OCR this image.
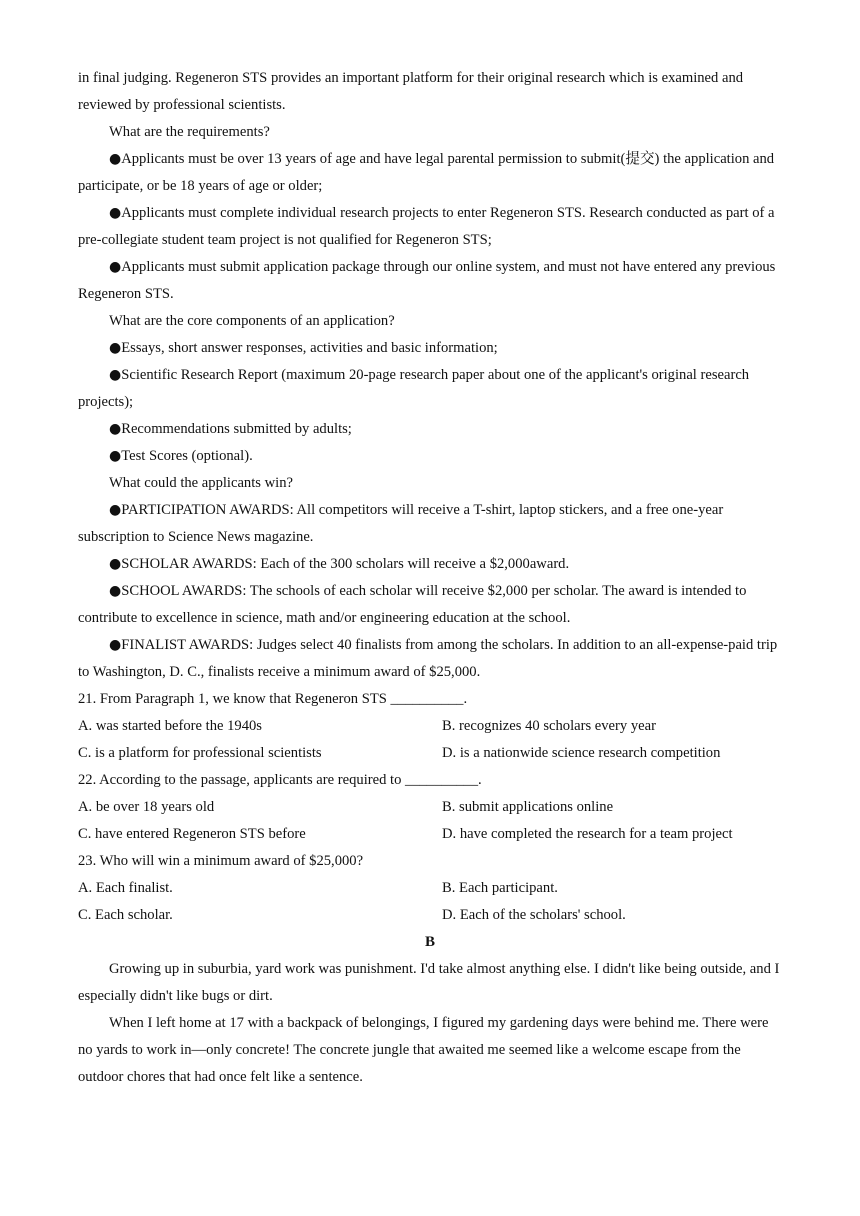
in final judging. Regeneron STS provides an important platform for their original research which is examined and reviewed by professional scientists.

What are the requirements?

● Applicants must be over 13 years of age and have legal parental permission to submit(提交) the application and participate, or be 18 years of age or older;

● Applicants must complete individual research projects to enter Regeneron STS. Research conducted as part of a pre-collegiate student team project is not qualified for Regeneron STS;

● Applicants must submit application package through our online system, and must not have entered any previous Regeneron STS.

What are the core components of an application?

● Essays, short answer responses, activities and basic information;

● Scientific Research Report (maximum 20-page research paper about one of the applicant's original research projects);

● Recommendations submitted by adults;

● Test Scores (optional).

What could the applicants win?

● PARTICIPATION AWARDS: All competitors will receive a T-shirt, laptop stickers, and a free one-year subscription to Science News magazine.

● SCHOLAR AWARDS: Each of the 300 scholars will receive a $2,000award.

● SCHOOL AWARDS: The schools of each scholar will receive $2,000 per scholar. The award is intended to contribute to excellence in science, math and/or engineering education at the school.

● FINALIST AWARDS: Judges select 40 finalists from among the scholars. In addition to an all-expense-paid trip to Washington, D. C., finalists receive a minimum award of $25,000.

21. From Paragraph 1, we know that Regeneron STS __________.

A. was started before the 1940s	B. recognizes 40 scholars every year
C. is a platform for professional scientists	D. is a nationwide science research competition

22. According to the passage, applicants are required to __________.

A. be over 18 years old	B. submit applications online
C. have entered Regeneron STS before	D. have completed the research for a team project

23. Who will win a minimum award of $25,000?

A. Each finalist.	B. Each participant.
C. Each scholar.	D. Each of the scholars' school.

B

Growing up in suburbia, yard work was punishment. I'd take almost anything else. I didn't like being outside, and I especially didn't like bugs or dirt.

When I left home at 17 with a backpack of belongings, I figured my gardening days were behind me. There were no yards to work in—only concrete! The concrete jungle that awaited me seemed like a welcome escape from the outdoor chores that had once felt like a sentence.
